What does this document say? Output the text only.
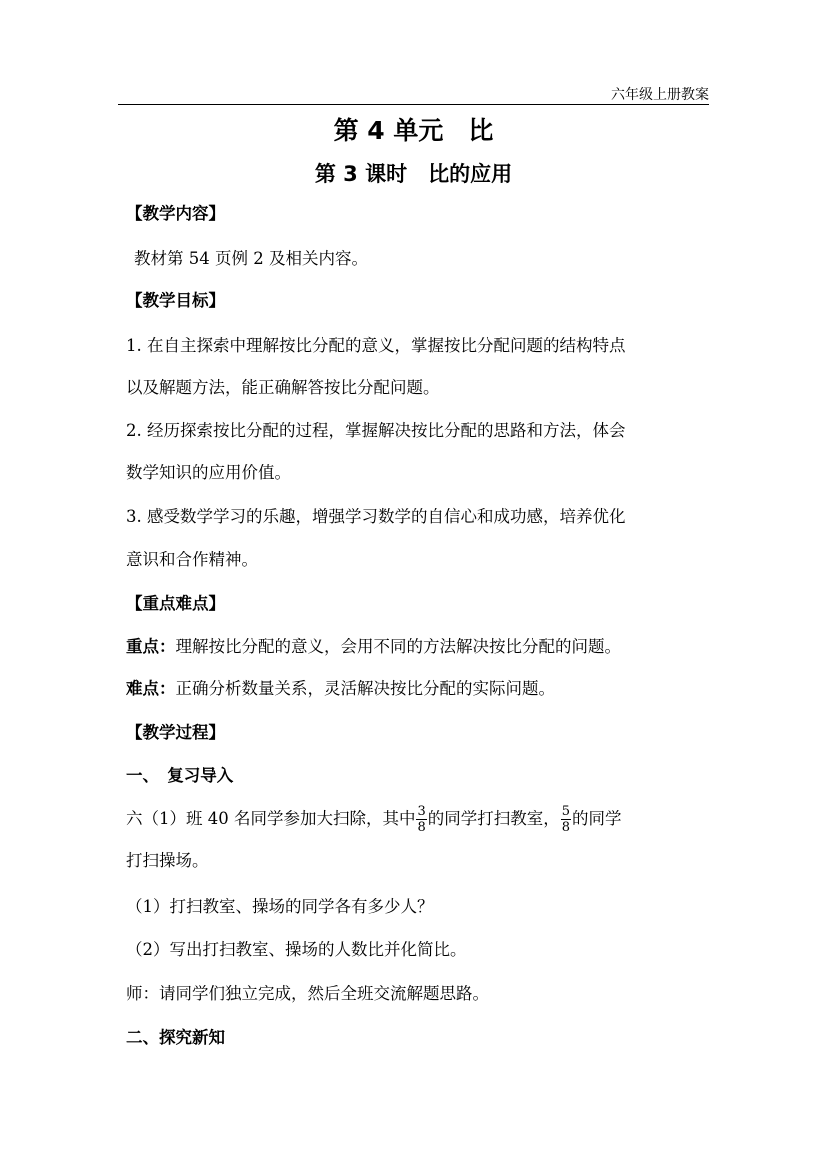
六年级上册教案
第 4 单元　比
第 3 课时　比的应用
【教学内容】
教材第 54 页例 2 及相关内容。
【教学目标】
1. 在自主探索中理解按比分配的意义，掌握按比分配问题的结构特点
以及解题方法，能正确解答按比分配问题。
2. 经历探索按比分配的过程，掌握解决按比分配的思路和方法，体会
数学知识的应用价值。
3. 感受数学学习的乐趣，增强学习数学的自信心和成功感，培养优化
意识和合作精神。
【重点难点】
重点：理解按比分配的意义，会用不同的方法解决按比分配的问题。
难点：正确分析数量关系，灵活解决按比分配的实际问题。
【教学过程】
一、　复习导入
六（1）班 40 名同学参加大扫除，其中 $\frac{3}{8}$ 的同学打扫教室， $\frac{5}{8}$ 的同学
打扫操场。
（1）打扫教室、操场的同学各有多少人？
（2）写出打扫教室、操场的人数比并化简比。
师：请同学们独立完成，然后全班交流解题思路。
二、探究新知
